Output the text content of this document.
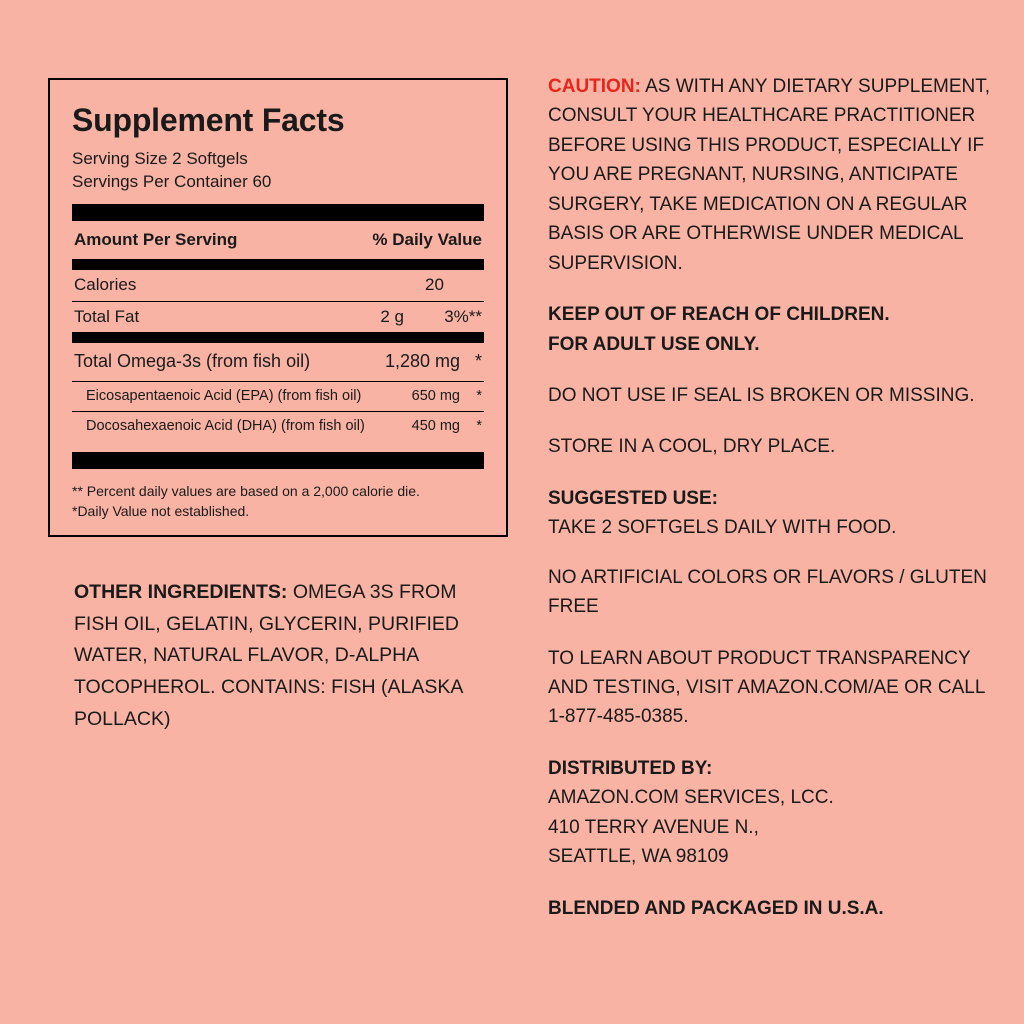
Supplement Facts
Serving Size 2 Softgels
Servings Per Container 60
Amount Per Serving	% Daily Value
Calories	20
Total Fat	2 g	3%**
Total Omega-3s (from fish oil)	1,280 mg *
Eicosapentaenoic Acid (EPA) (from fish oil)	650 mg	*
Docosahexaenoic Acid (DHA) (from fish oil)	450 mg	*
** Percent daily values are based on a 2,000 calorie die.
*Daily Value not established.
OTHER INGREDIENTS: OMEGA 3S FROM FISH OIL, GELATIN, GLYCERIN, PURIFIED WATER, NATURAL FLAVOR, D-ALPHA TOCOPHEROL. CONTAINS: FISH (ALASKA POLLACK)

CAUTION: AS WITH ANY DIETARY SUPPLEMENT, CONSULT YOUR HEALTHCARE PRACTITIONER BEFORE USING THIS PRODUCT, ESPECIALLY IF YOU ARE PREGNANT, NURSING, ANTICIPATE SURGERY, TAKE MEDICATION ON A REGULAR BASIS OR ARE OTHERWISE UNDER MEDICAL SUPERVISION.

KEEP OUT OF REACH OF CHILDREN.
FOR ADULT USE ONLY.

DO NOT USE IF SEAL IS BROKEN OR MISSING.

STORE IN A COOL, DRY PLACE.

SUGGESTED USE:
TAKE 2 SOFTGELS DAILY WITH FOOD.

NO ARTIFICIAL COLORS OR FLAVORS / GLUTEN FREE

TO LEARN ABOUT PRODUCT TRANSPARENCY AND TESTING, VISIT AMAZON.COM/AE OR CALL
1-877-485-0385.

DISTRIBUTED BY:
AMAZON.COM SERVICES, LCC.
410 TERRY AVENUE N.,
SEATTLE, WA 98109

BLENDED AND PACKAGED IN U.S.A.
